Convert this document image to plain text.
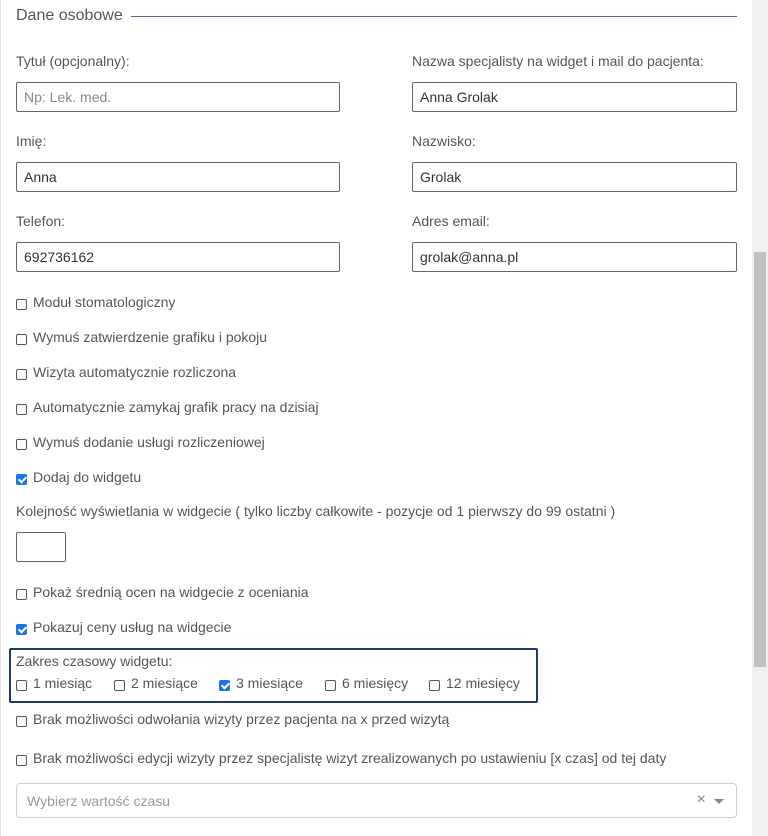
Dane osobowe
Tytuł (opcjonalny):
Np: Lek. med.	Nazwa specjalisty na widget i mail do pacjenta:
Anna Grolak
Imię:
Anna	Nazwisko:
Grolak
Telefon:
692736162	Adres email:
grolak@anna.pl
Moduł stomatologiczny
Wymuś zatwierdzenie grafiku i pokoju
Wizyta automatycznie rozliczona
Automatycznie zamykaj grafik pracy na dzisiaj
Wymuś dodanie usługi rozliczeniowej
Dodaj do widgetu
Kolejność wyświetlania w widgecie ( tylko liczby całkowite - pozycje od 1 pierwszy do 99 ostatni )
Pokaż średnią ocen na widgecie z oceniania
Pokazuj ceny usług na widgecie
Zakres czasowy widgetu:
1 miesiąc	2 miesiące	3 miesiące	6 miesięcy	12 miesięcy
Brak możliwości odwołania wizyty przez pacjenta na x przed wizytą
Brak możliwości edycji wizyty przez specjalistę wizyt zrealizowanych po ustawieniu [x czas] od tej daty
Wybierz wartość czasu	×
